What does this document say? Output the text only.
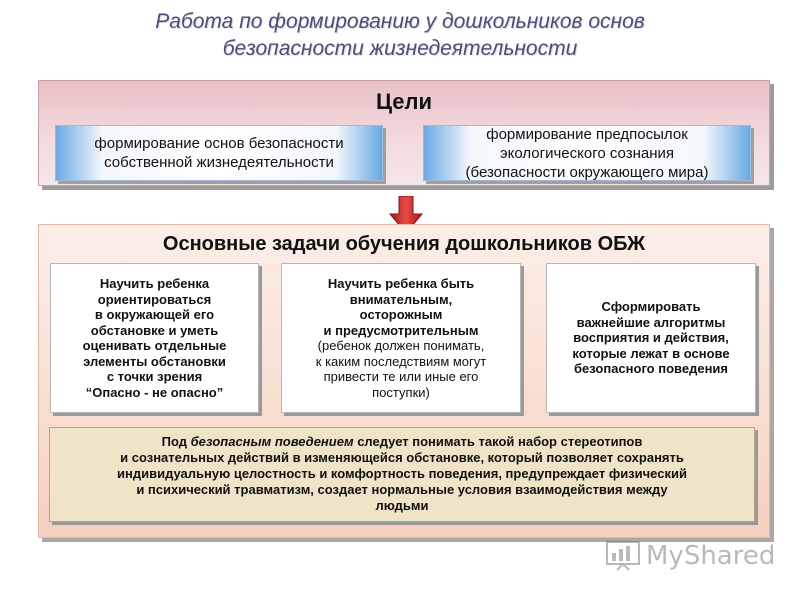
Работа по формированию у дошкольников основ
безопасности жизнедеятельности
Цели
формирование основ безопасности
собственной жизнедеятельности
формирование предпосылок
экологического сознания
(безопасности окружающего мира)
Основные задачи обучения дошкольников ОБЖ
Научить ребенка
ориентироваться
в окружающей его
обстановке и уметь
оценивать отдельные
элементы обстановки
с точки зрения
“Опасно - не опасно”
Научить ребенка быть
внимательным,
осторожным
и предусмотрительным
(ребенок должен понимать,
к каким последствиям могут
привести те или иные его
поступки)
Сформировать
важнейшие алгоритмы
восприятия и действия,
которые лежат в основе
безопасного поведения
Под безопасным поведением следует понимать такой набор стереотипов
и сознательных действий в изменяющейся обстановке, который позволяет сохранять
индивидуальную целостность и комфортность поведения, предупреждает физический
и психический травматизм, создает нормальные условия взаимодействия между
людьми
MyShared
